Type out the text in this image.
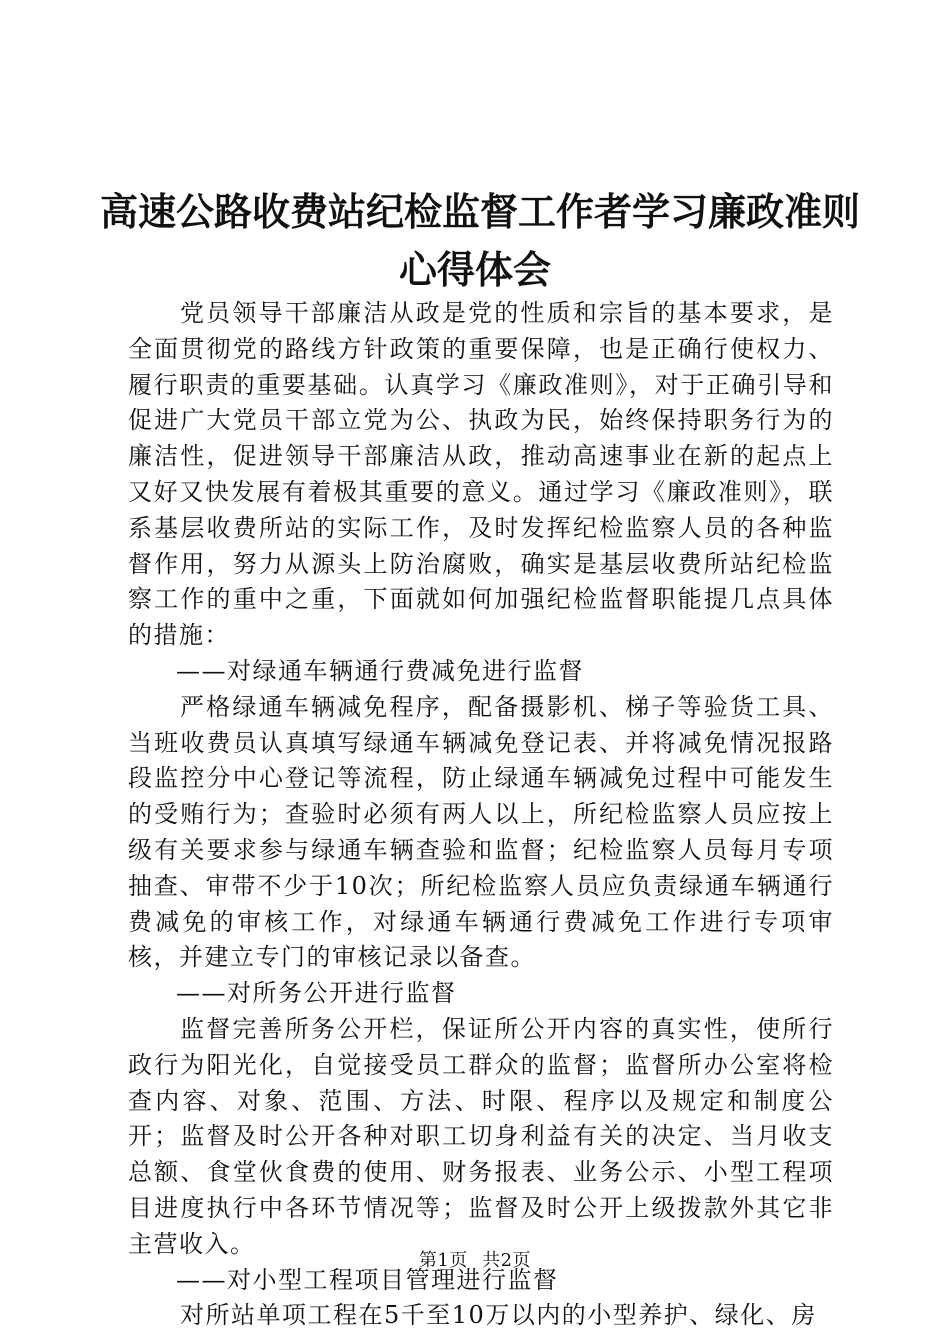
高速公路收费站纪检监督工作者学习廉政准则
心得体会

党员领导干部廉洁从政是党的性质和宗旨的基本要求，是全面贯彻党的路线方针政策的重要保障，也是正确行使权力、履行职责的重要基础。认真学习《廉政准则》，对于正确引导和促进广大党员干部立党为公、执政为民，始终保持职务行为的廉洁性，促进领导干部廉洁从政，推动高速事业在新的起点上又好又快发展有着极其重要的意义。通过学习《廉政准则》，联系基层收费所站的实际工作，及时发挥纪检监察人员的各种监督作用，努力从源头上防治腐败，确实是基层收费所站纪检监察工作的重中之重，下面就如何加强纪检监督职能提几点具体的措施：

——对绿通车辆通行费减免进行监督

严格绿通车辆减免程序，配备摄影机、梯子等验货工具、当班收费员认真填写绿通车辆减免登记表、并将减免情况报路段监控分中心登记等流程，防止绿通车辆减免过程中可能发生的受贿行为；查验时必须有两人以上，所纪检监察人员应按上级有关要求参与绿通车辆查验和监督；纪检监察人员每月专项抽查、审带不少于10次；所纪检监察人员应负责绿通车辆通行费减免的审核工作，对绿通车辆通行费减免工作进行专项审核，并建立专门的审核记录以备查。

——对所务公开进行监督

监督完善所务公开栏，保证所公开内容的真实性，使所行政行为阳光化，自觉接受员工群众的监督；监督所办公室将检查内容、对象、范围、方法、时限、程序以及规定和制度公开；监督及时公开各种对职工切身利益有关的决定、当月收支总额、食堂伙食费的使用、财务报表、业务公示、小型工程项目进度执行中各环节情况等；监督及时公开上级拨款外其它非主营收入。

——对小型工程项目管理进行监督

对所站单项工程在5千至10万以内的小型养护、绿化、房

第1页 共2页
